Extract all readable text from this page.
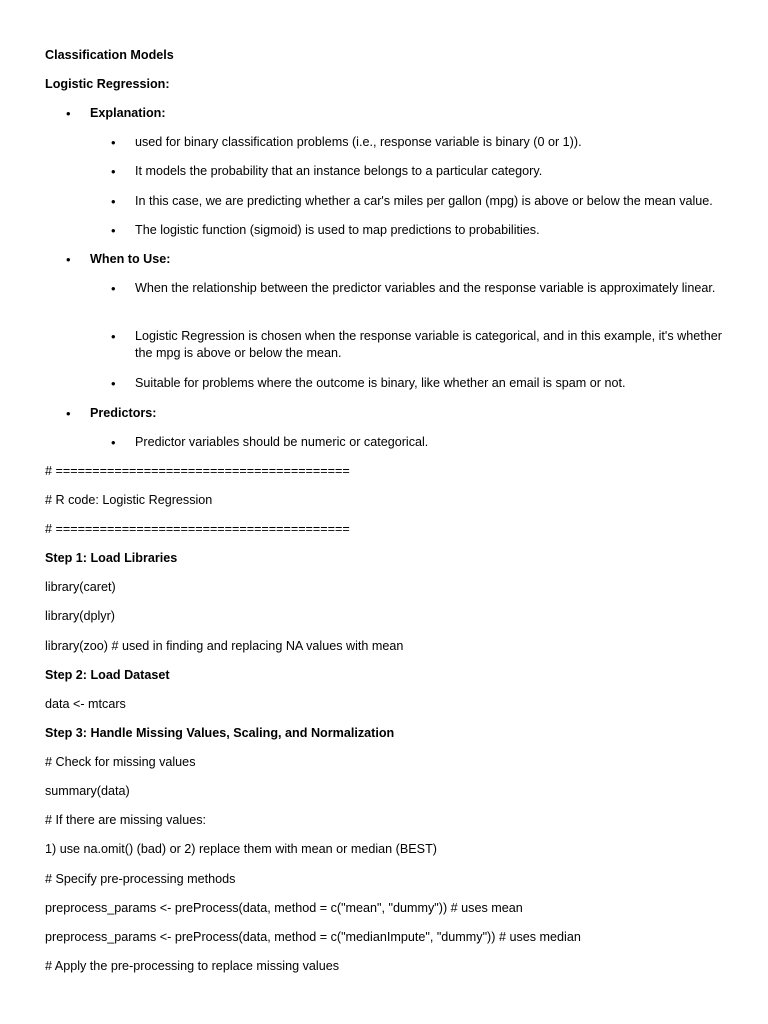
Classification Models
Logistic Regression:
•	Explanation:
•	used for binary classification problems (i.e., response variable is binary (0 or 1)).
•	It models the probability that an instance belongs to a particular category.
•	In this case, we are predicting whether a car's miles per gallon (mpg) is above or below the mean value.
•	The logistic function (sigmoid) is used to map predictions to probabilities.
•	When to Use:
•	When the relationship between the predictor variables and the response variable is approximately linear.
•	Logistic Regression is chosen when the response variable is categorical, and in this example, it's whether the mpg is above or below the mean.
•	Suitable for problems where the outcome is binary, like whether an email is spam or not.
•	Predictors:
•	Predictor variables should be numeric or categorical.
# ========================================
# R code: Logistic Regression
# ========================================
Step 1: Load Libraries
library(caret)
library(dplyr)
library(zoo) # used in finding and replacing NA values with mean
Step 2: Load Dataset
data <- mtcars
Step 3: Handle Missing Values, Scaling, and Normalization
# Check for missing values
summary(data)
# If there are missing values:
1) use na.omit() (bad) or 2) replace them with mean or median (BEST)
# Specify pre-processing methods
preprocess_params <- preProcess(data, method = c("mean", "dummy")) # uses mean
preprocess_params <- preProcess(data, method = c("medianImpute", "dummy")) # uses median
# Apply the pre-processing to replace missing values
